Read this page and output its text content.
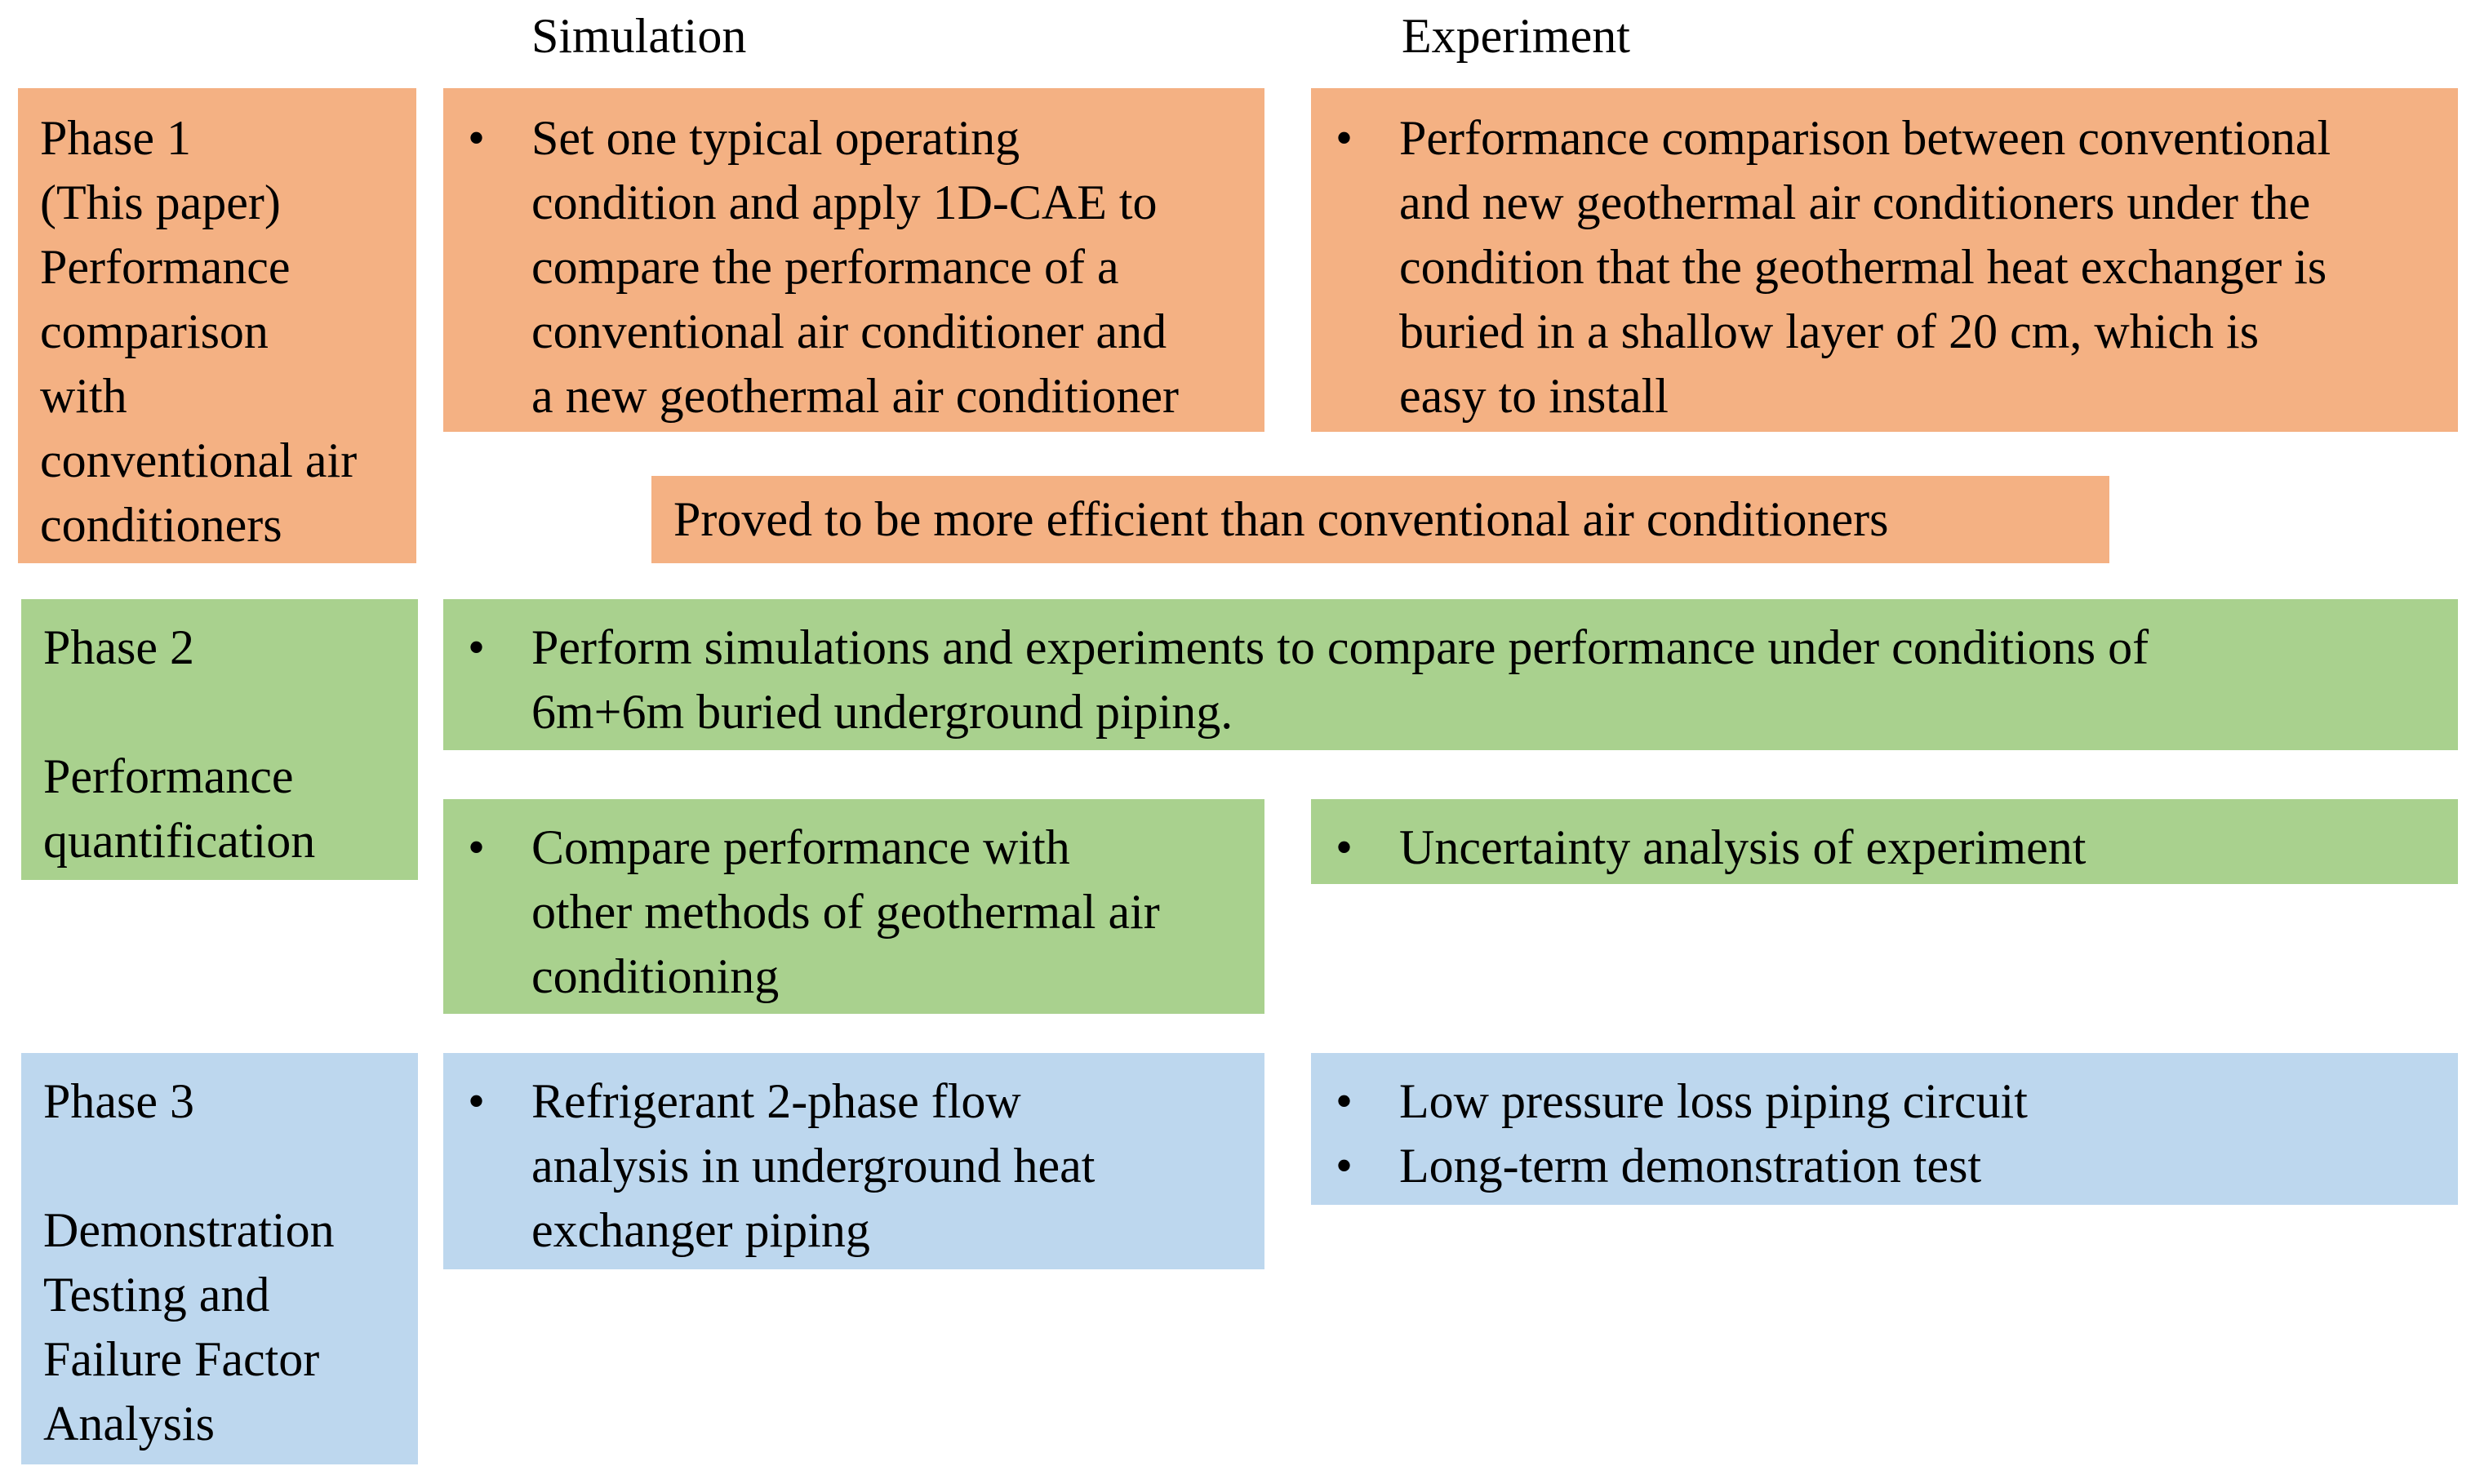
Simulation	Experiment
Phase 1
(This paper)
Performance
comparison
with
conventional air
conditioners
• Set one typical operating
condition and apply 1D-CAE to
compare the performance of a
conventional air conditioner and
a new geothermal air conditioner
• Performance comparison between conventional
and new geothermal air conditioners under the
condition that the geothermal heat exchanger is
buried in a shallow layer of 20 cm, which is
easy to install
Proved to be more efficient than conventional air conditioners
Phase 2
Performance
quantification
• Perform simulations and experiments to compare performance under conditions of
6m+6m buried underground piping.
• Compare performance with
other methods of geothermal air
conditioning
• Uncertainty analysis of experiment
Phase 3
Demonstration
Testing and
Failure Factor
Analysis
• Refrigerant 2-phase flow
analysis in underground heat
exchanger piping
• Low pressure loss piping circuit
• Long-term demonstration test
